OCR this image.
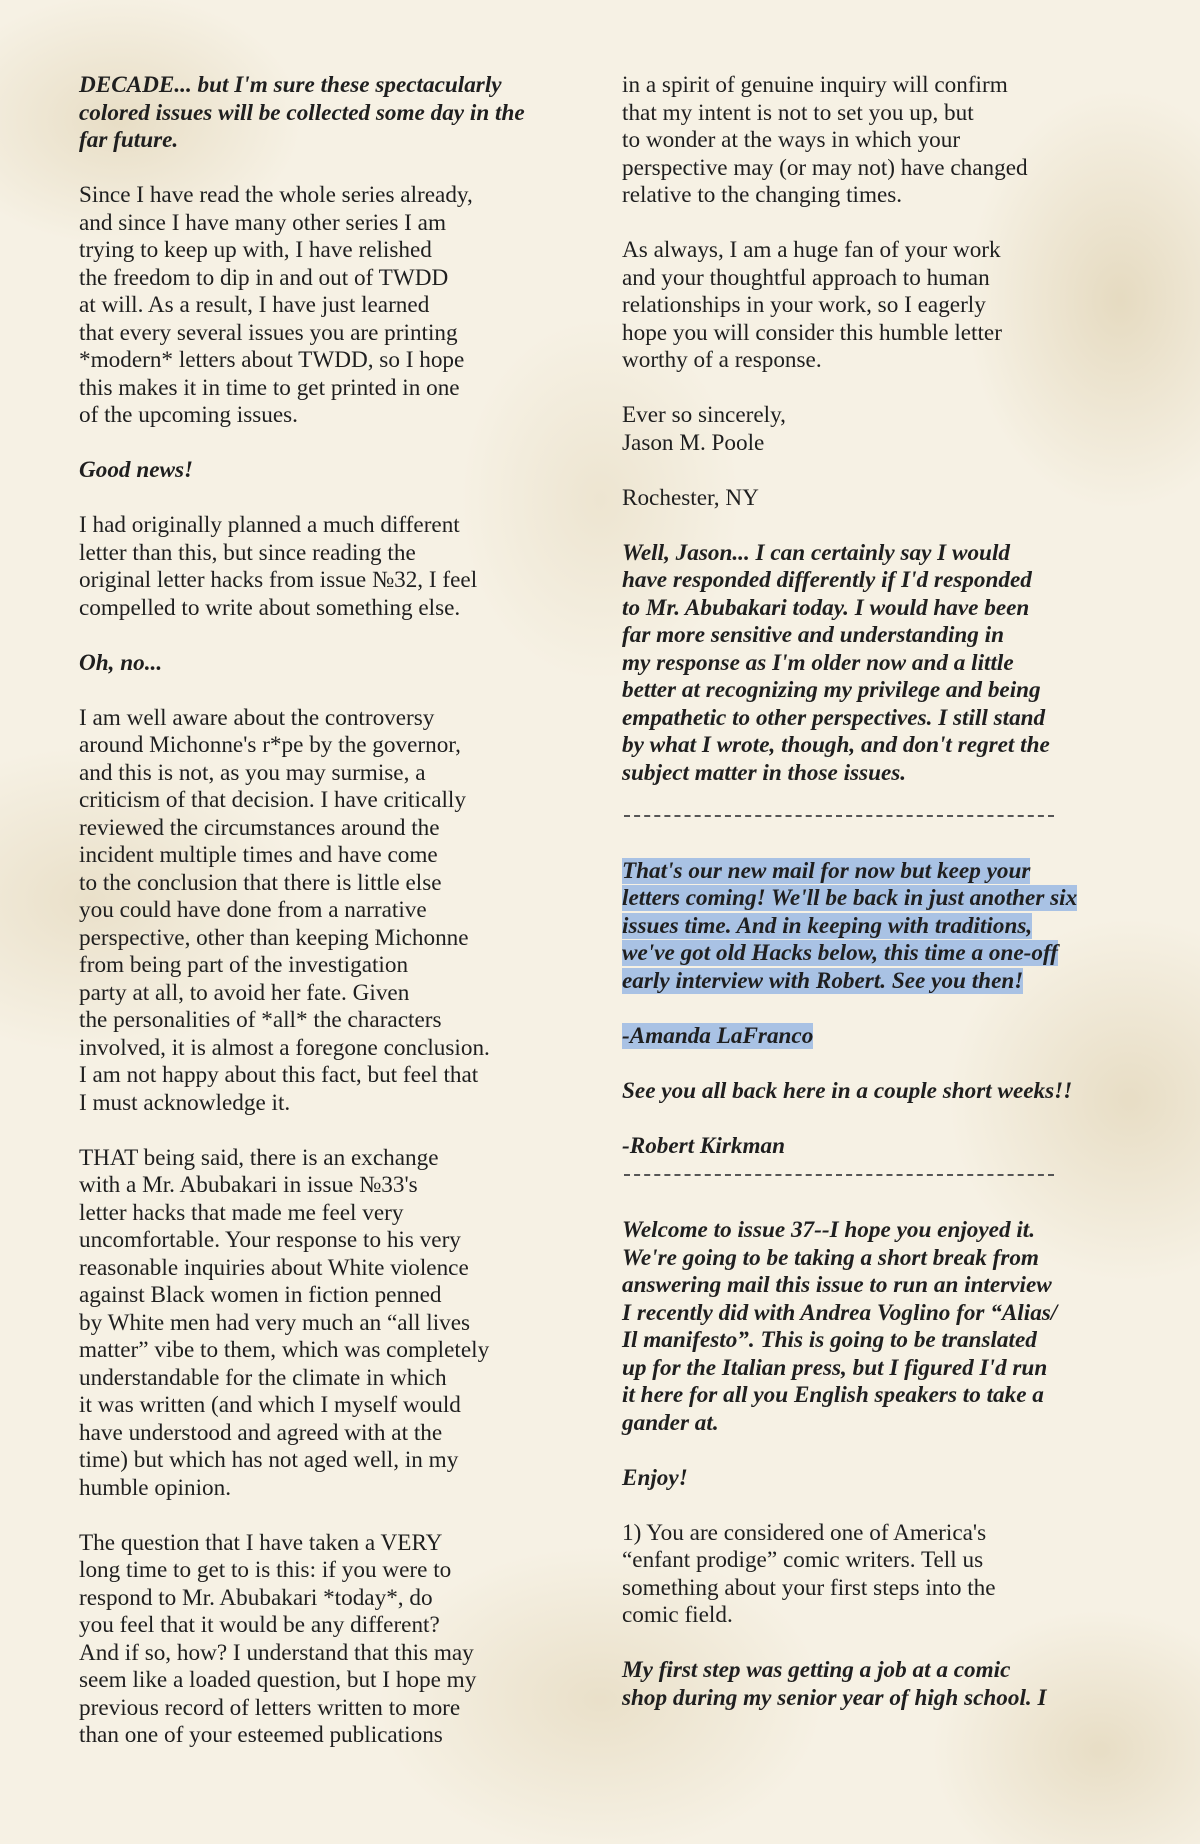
DECADE... but I'm sure these spectacularly
colored issues will be collected some day in the
far future.
Since I have read the whole series already,
and since I have many other series I am
trying to keep up with, I have relished
the freedom to dip in and out of TWDD
at will. As a result, I have just learned
that every several issues you are printing
*modern* letters about TWDD, so I hope
this makes it in time to get printed in one
of the upcoming issues.
Good news!
I had originally planned a much different
letter than this, but since reading the
original letter hacks from issue №32, I feel
compelled to write about something else.
Oh, no...
I am well aware about the controversy
around Michonne's r*pe by the governor,
and this is not, as you may surmise, a
criticism of that decision. I have critically
reviewed the circumstances around the
incident multiple times and have come
to the conclusion that there is little else
you could have done from a narrative
perspective, other than keeping Michonne
from being part of the investigation
party at all, to avoid her fate. Given
the personalities of *all* the characters
involved, it is almost a foregone conclusion.
I am not happy about this fact, but feel that
I must acknowledge it.
THAT being said, there is an exchange
with a Mr. Abubakari in issue №33's
letter hacks that made me feel very
uncomfortable. Your response to his very
reasonable inquiries about White violence
against Black women in fiction penned
by White men had very much an “all lives
matter” vibe to them, which was completely
understandable for the climate in which
it was written (and which I myself would
have understood and agreed with at the
time) but which has not aged well, in my
humble opinion.
The question that I have taken a VERY
long time to get to is this: if you were to
respond to Mr. Abubakari *today*, do
you feel that it would be any different?
And if so, how? I understand that this may
seem like a loaded question, but I hope my
previous record of letters written to more
than one of your esteemed publications
in a spirit of genuine inquiry will confirm
that my intent is not to set you up, but
to wonder at the ways in which your
perspective may (or may not) have changed
relative to the changing times.
As always, I am a huge fan of your work
and your thoughtful approach to human
relationships in your work, so I eagerly
hope you will consider this humble letter
worthy of a response.
Ever so sincerely,
Jason M. Poole
Rochester, NY
Well, Jason... I can certainly say I would
have responded differently if I'd responded
to Mr. Abubakari today. I would have been
far more sensitive and understanding in
my response as I'm older now and a little
better at recognizing my privilege and being
empathetic to other perspectives. I still stand
by what I wrote, though, and don't regret the
subject matter in those issues.
That's our new mail for now but keep your
letters coming! We'll be back in just another six
issues time. And in keeping with traditions,
we've got old Hacks below, this time a one-off
early interview with Robert. See you then!
-Amanda LaFranco
See you all back here in a couple short weeks!!
-Robert Kirkman
Welcome to issue 37--I hope you enjoyed it.
We're going to be taking a short break from
answering mail this issue to run an interview
I recently did with Andrea Voglino for “Alias/
Il manifesto”. This is going to be translated
up for the Italian press, but I figured I'd run
it here for all you English speakers to take a
gander at.
Enjoy!
1) You are considered one of America's
“enfant prodige” comic writers. Tell us
something about your first steps into the
comic field.
My first step was getting a job at a comic
shop during my senior year of high school. I
